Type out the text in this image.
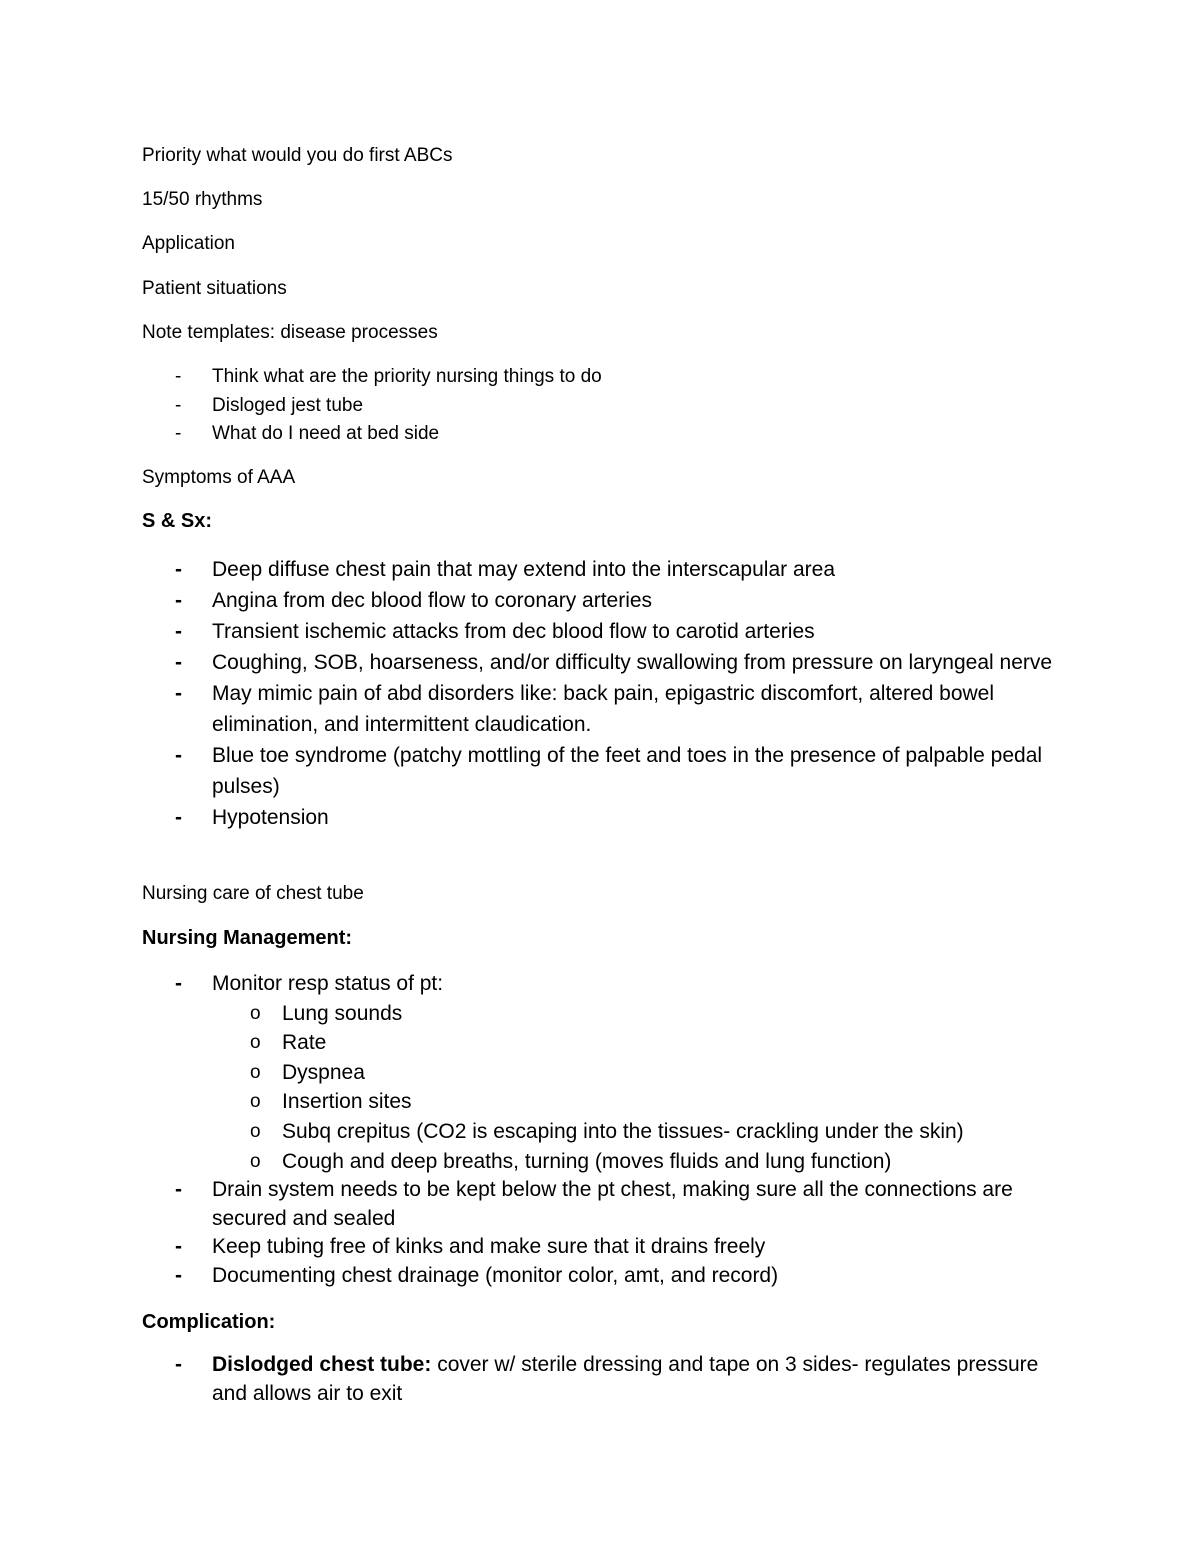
Priority what would you do first ABCs

15/50 rhythms

Application

Patient situations

Note templates: disease processes

- Think what are the priority nursing things to do
- Disloged jest tube
- What do I need at bed side

Symptoms of AAA

S & Sx:

- Deep diffuse chest pain that may extend into the interscapular area
- Angina from dec blood flow to coronary arteries
- Transient ischemic attacks from dec blood flow to carotid arteries
- Coughing, SOB, hoarseness, and/or difficulty swallowing from pressure on laryngeal nerve
- May mimic pain of abd disorders like: back pain, epigastric discomfort, altered bowel elimination, and intermittent claudication.
- Blue toe syndrome (patchy mottling of the feet and toes in the presence of palpable pedal pulses)
- Hypotension

Nursing care of chest tube

Nursing Management:

- Monitor resp status of pt:
o Lung sounds
o Rate
o Dyspnea
o Insertion sites
o Subq crepitus (CO2 is escaping into the tissues- crackling under the skin)
o Cough and deep breaths, turning (moves fluids and lung function)
- Drain system needs to be kept below the pt chest, making sure all the connections are secured and sealed
- Keep tubing free of kinks and make sure that it drains freely
- Documenting chest drainage (monitor color, amt, and record)

Complication:

- Dislodged chest tube: cover w/ sterile dressing and tape on 3 sides- regulates pressure and allows air to exit
